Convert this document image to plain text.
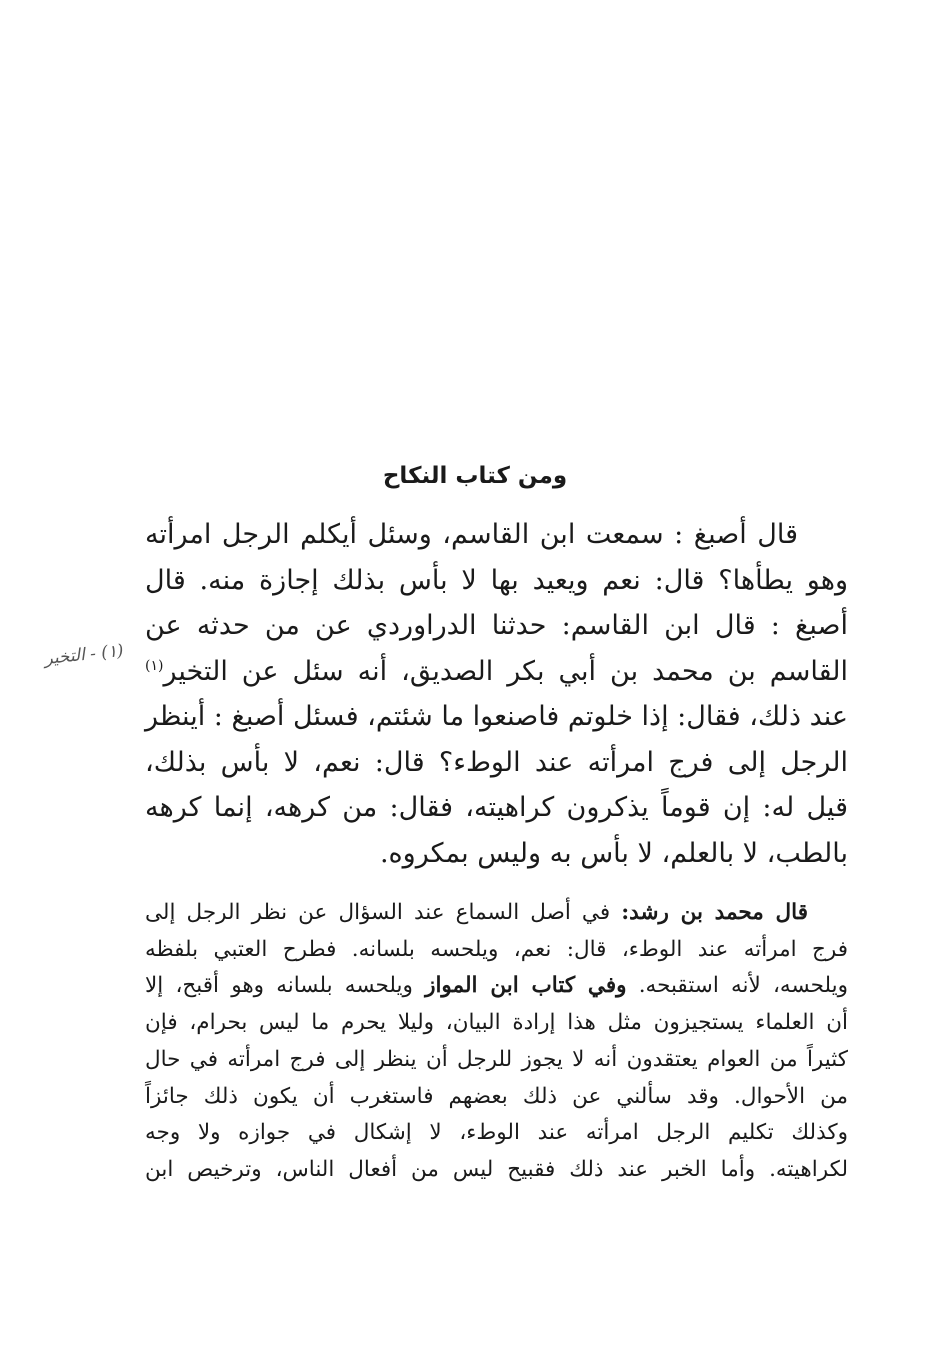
ومن كتاب النكاح
(١) - التخير
قال أصبغ : سمعت ابن القاسم، وسئل أيكلم الرجل امرأته
وهو يطأها؟ قال: نعم ويعيد بها لا بأس بذلك إجازة منه. قال
أصبغ : قال ابن القاسم: حدثنا الدراوردي عن من حدثه عن
القاسم بن محمد بن أبي بكر الصديق، أنه سئل عن التخير$^{(١)}$
عند ذلك، فقال: إذا خلوتم فاصنعوا ما شئتم، فسئل أصبغ : أينظر
الرجل إلى فرج امرأته عند الوطء؟ قال: نعم، لا بأس بذلك،
قيل له: إن قوماً يذكرون كراهيته، فقال: من كرهه، إنما كرهه
بالطب، لا بالعلم، لا بأس به وليس بمكروه.
قال محمد بن رشد: في أصل السماع عند السؤال عن نظر الرجل إلى
فرج امرأته عند الوطء، قال: نعم، ويلحسه بلسانه. فطرح العتبي بلفظه
ويلحسه، لأنه استقبحه. وفي كتاب ابن المواز ويلحسه بلسانه وهو أقبح، إلا
أن العلماء يستجيزون مثل هذا إرادة البيان، وليلا يحرم ما ليس بحرام، فإن
كثيراً من العوام يعتقدون أنه لا يجوز للرجل أن ينظر إلى فرج امرأته في حال
من الأحوال. وقد سألني عن ذلك بعضهم فاستغرب أن يكون ذلك جائزاً
وكذلك تكليم الرجل امرأته عند الوطء، لا إشكال في جوازه ولا وجه
لكراهيته. وأما الخبر عند ذلك فقبيح ليس من أفعال الناس، وترخيص ابن
